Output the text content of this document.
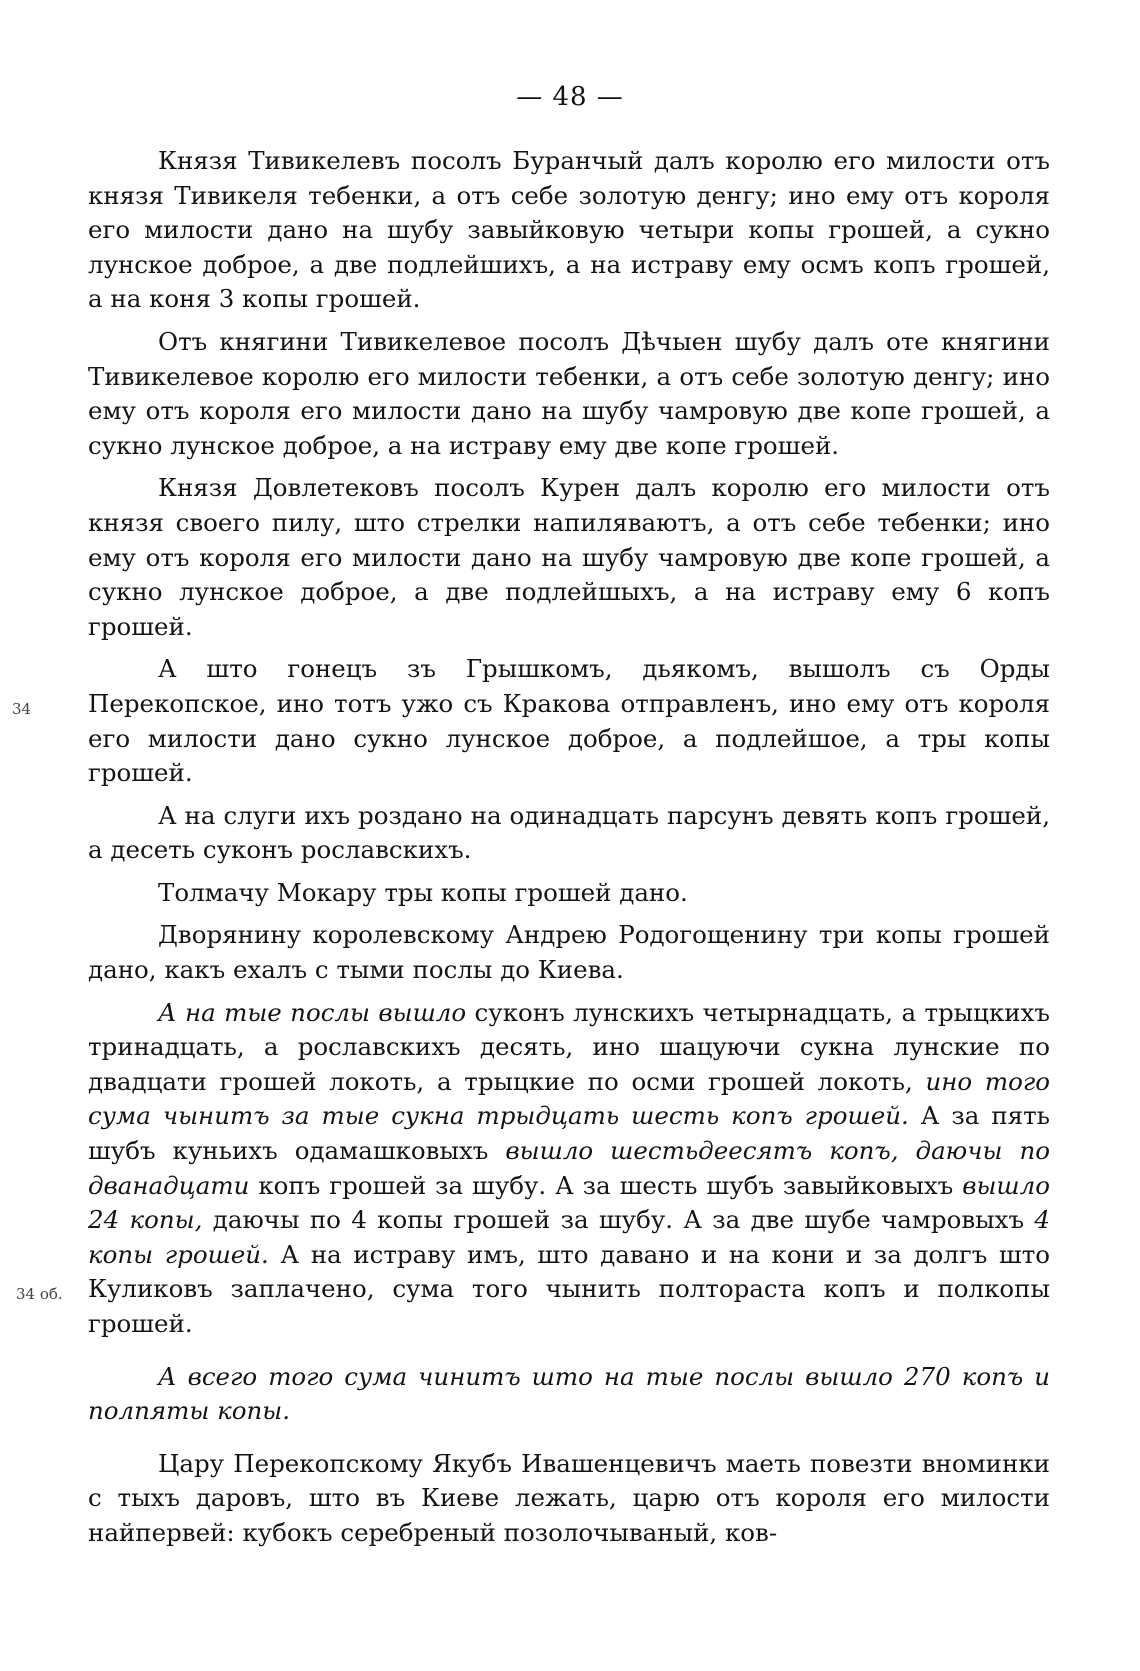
— 48 —
34
34 об.

Князя Тивикелевъ посолъ Буранчый далъ королю его милости отъ князя Тивикеля тебенки, а отъ себе золотую денгу; ино ему отъ короля его милости дано на шубу завыйковую четыри копы грошей, а сукно лунское доброе, а две подлейшихъ, а на истраву ему осмъ копъ грошей, а на коня 3 копы грошей.

Отъ княгини Тивикелевое посолъ Дѣчыен шубу далъ оте княгини Тивикелевое королю его милости тебенки, а отъ себе золотую денгу; ино ему отъ короля его милости дано на шубу чамровую две копе грошей, а сукно лунское доброе, а на истраву ему две копе грошей.

Князя Довлетековъ посолъ Курен далъ королю его милости отъ князя своего пилу, што стрелки напиляваютъ, а отъ себе тебенки; ино ему отъ короля его милости дано на шубу чамровую две копе грошей, а сукно лунское доброе, а две подлейшыхъ, а на истраву ему 6 копъ грошей.

А што гонецъ зъ Грышкомъ, дьякомъ, вышолъ съ Орды Перекопское, ино тотъ ужо съ Кракова отправленъ, ино ему отъ короля его милости дано сукно лунское доброе, а подлейшое, а тры копы грошей.

А на слуги ихъ роздано на одинадцать парсунъ девять копъ грошей, а десеть суконъ рославскихъ.

Толмачу Мокару тры копы грошей дано.

Дворянину королевскому Андрею Родогощенину три копы грошей дано, какъ ехалъ с тыми послы до Киева.

А на тые послы вышло суконъ лунскихъ четырнадцать, а трыцкихъ тринадцать, а рославскихъ десять, ино шацуючи сукна лунские по двадцати грошей локоть, а трыцкие по осми грошей локоть, ино того сума чынитъ за тые сукна трыдцать шесть копъ грошей. А за пять шубъ куньихъ одамашковыхъ вышло шестьдеесятъ копъ, даючы по дванадцати копъ грошей за шубу. А за шесть шубъ завыйковыхъ вышло 24 копы, даючы по 4 копы грошей за шубу. А за две шубе чамровыхъ 4 копы грошей. А на истраву имъ, што давано и на кони и за долгъ што Куликовъ заплачено, сума того чынить полтораста копъ и полкопы грошей.

А всего того сума чинитъ што на тые послы вышло 270 копъ и полпяты копы.

Цару Перекопскому Якубъ Ивашенцевичъ маеть повезти вноминки с тыхъ даровъ, што въ Киеве лежать, царю отъ короля его милости найпервей: кубокъ серебреный позолочываный, ков-
